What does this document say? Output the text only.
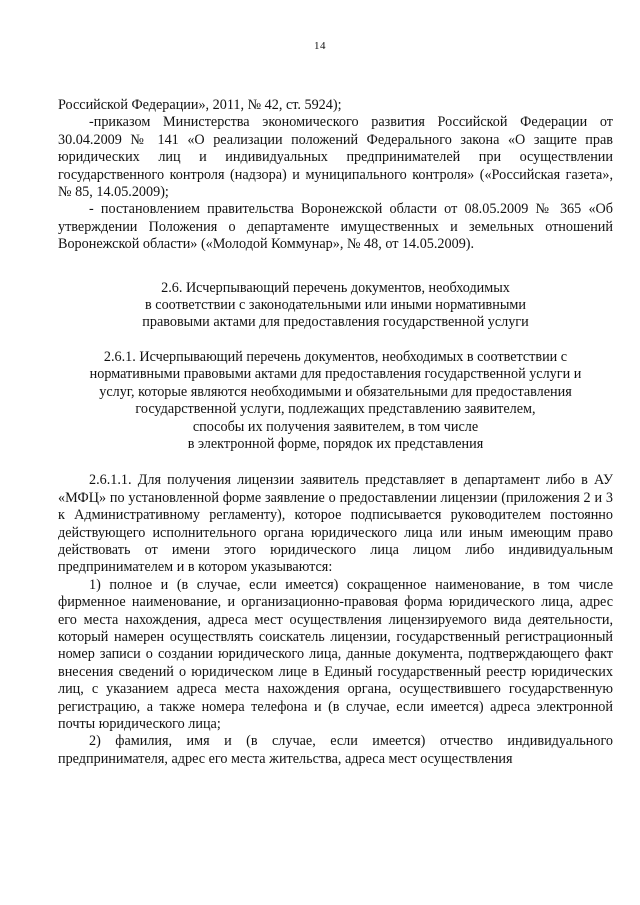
14

Российской Федерации», 2011, № 42, ст. 5924);

-приказом Министерства экономического развития Российской Федерации от 30.04.2009 № 141 «О реализации положений Федерального закона «О защите прав юридических лиц и индивидуальных предпринимателей при осуществлении государственного контроля (надзора) и муниципального контроля» («Российская газета», № 85, 14.05.2009);

- постановлением правительства Воронежской области от 08.05.2009 № 365 «Об утверждении Положения о департаменте имущественных и земельных отношений Воронежской области» («Молодой Коммунар», № 48, от 14.05.2009).

2.6. Исчерпывающий перечень документов, необходимых
в соответствии с законодательными или иными нормативными
правовыми актами для предоставления государственной услуги
2.6.1. Исчерпывающий перечень документов, необходимых в соответствии с
нормативными правовыми актами для предоставления государственной услуги и
услуг, которые являются необходимыми и обязательными для предоставления
государственной услуги, подлежащих представлению заявителем,
способы их получения заявителем, в том числе
в электронной форме, порядок их представления

2.6.1.1. Для получения лицензии заявитель представляет в департамент либо в АУ «МФЦ» по установленной форме заявление о предоставлении лицензии (приложения 2 и 3 к Административному регламенту), которое подписывается руководителем постоянно действующего исполнительного органа юридического лица или иным имеющим право действовать от имени этого юридического лица лицом либо индивидуальным предпринимателем и в котором указываются:

1) полное и (в случае, если имеется) сокращенное наименование, в том числе фирменное наименование, и организационно-правовая форма юридического лица, адрес его места нахождения, адреса мест осуществления лицензируемого вида деятельности, который намерен осуществлять соискатель лицензии, государственный регистрационный номер записи о создании юридического лица, данные документа, подтверждающего факт внесения сведений о юридическом лице в Единый государственный реестр юридических лиц, с указанием адреса места нахождения органа, осуществившего государственную регистрацию, а также номера телефона и (в случае, если имеется) адреса электронной почты юридического лица;

2) фамилия, имя и (в случае, если имеется) отчество индивидуального предпринимателя, адрес его места жительства, адреса мест осуществления
